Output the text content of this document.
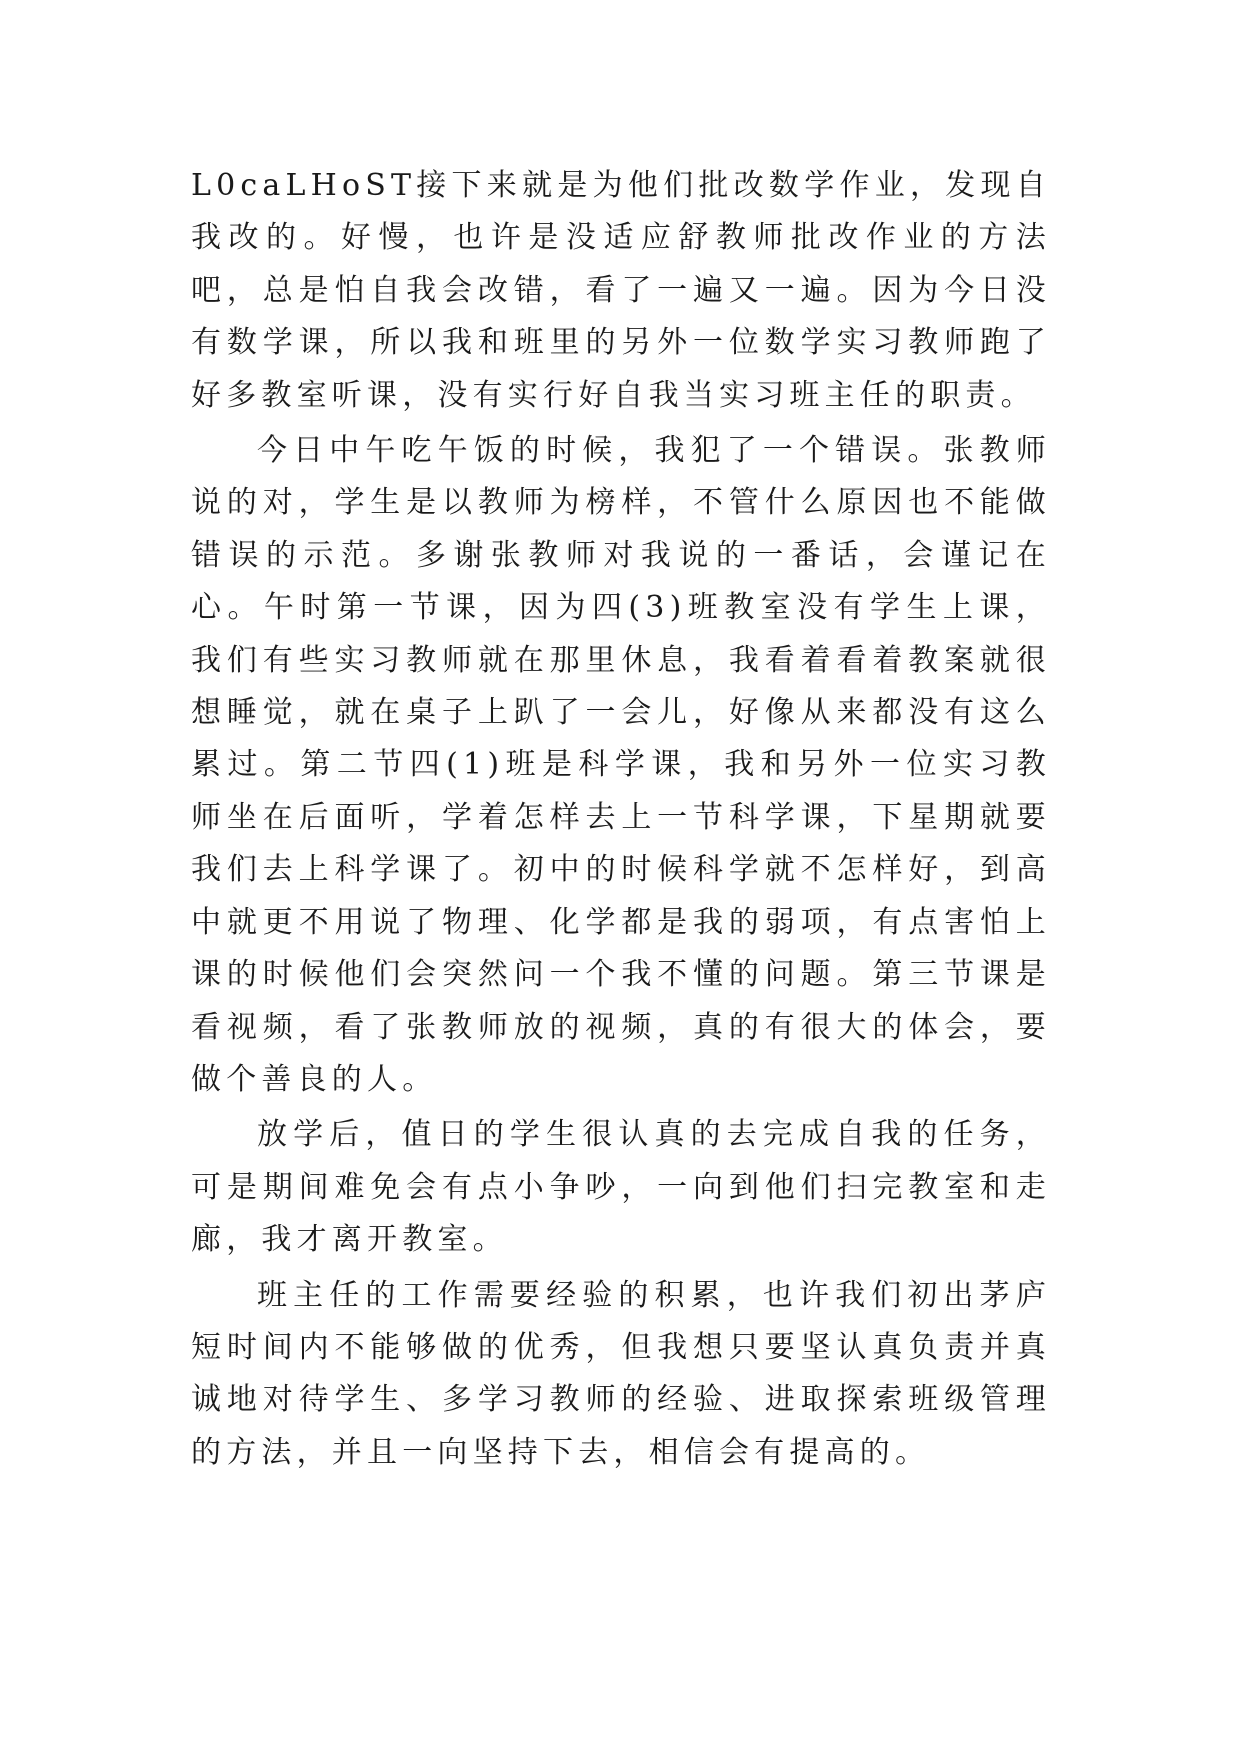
L0caLHoST接下来就是为他们批改数学作业，发现自我改的。好慢，也许是没适应舒教师批改作业的方法吧，总是怕自我会改错，看了一遍又一遍。因为今日没有数学课，所以我和班里的另外一位数学实习教师跑了好多教室听课，没有实行好自我当实习班主任的职责。

今日中午吃午饭的时候，我犯了一个错误。张教师说的对，学生是以教师为榜样，不管什么原因也不能做错误的示范。多谢张教师对我说的一番话，会谨记在心。午时第一节课，因为四(3)班教室没有学生上课，我们有些实习教师就在那里休息，我看着看着教案就很想睡觉，就在桌子上趴了一会儿，好像从来都没有这么累过。第二节四(1)班是科学课，我和另外一位实习教师坐在后面听，学着怎样去上一节科学课，下星期就要我们去上科学课了。初中的时候科学就不怎样好，到高中就更不用说了物理、化学都是我的弱项，有点害怕上课的时候他们会突然问一个我不懂的问题。第三节课是看视频，看了张教师放的视频，真的有很大的体会，要做个善良的人。

放学后，值日的学生很认真的去完成自我的任务，可是期间难免会有点小争吵，一向到他们扫完教室和走廊，我才离开教室。

班主任的工作需要经验的积累，也许我们初出茅庐短时间内不能够做的优秀，但我想只要坚认真负责并真诚地对待学生、多学习教师的经验、进取探索班级管理的方法，并且一向坚持下去，相信会有提高的。
